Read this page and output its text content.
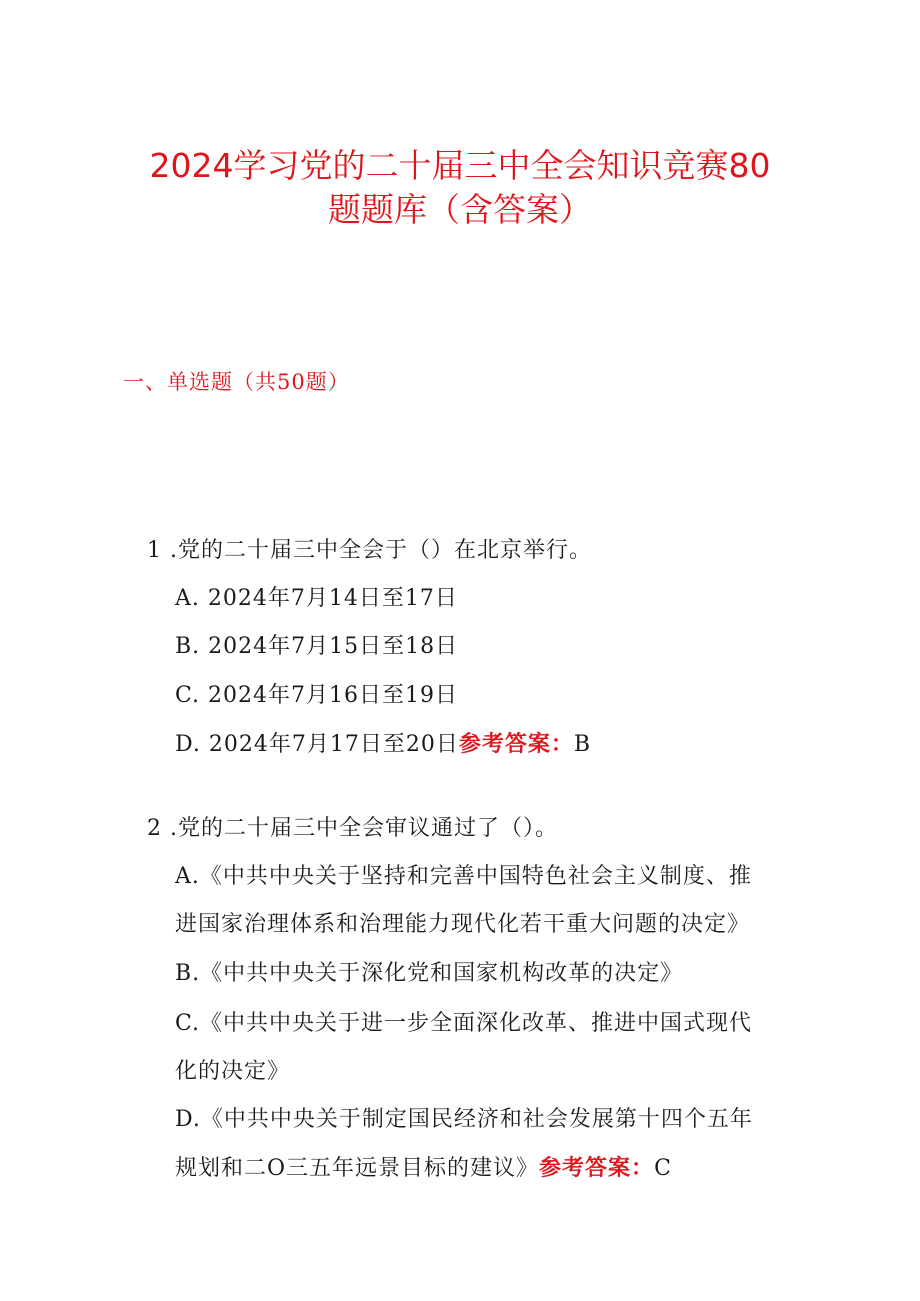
2024学习党的二十届三中全会知识竞赛80
题题库（含答案）
一、单选题（共50题）
1 .党的二十届三中全会于（）在北京举行。
A. 2024年7月14日至17日
B. 2024年7月15日至18日
C. 2024年7月16日至19日
D. 2024年7月17日至20日参考答案：B
2 .党的二十届三中全会审议通过了（）。
A.《中共中央关于坚持和完善中国特色社会主义制度、推
进国家治理体系和治理能力现代化若干重大问题的决定》
B.《中共中央关于深化党和国家机构改革的决定》
C.《中共中央关于进一步全面深化改革、推进中国式现代
化的决定》
D.《中共中央关于制定国民经济和社会发展第十四个五年
规划和二O三五年远景目标的建议》参考答案：C
